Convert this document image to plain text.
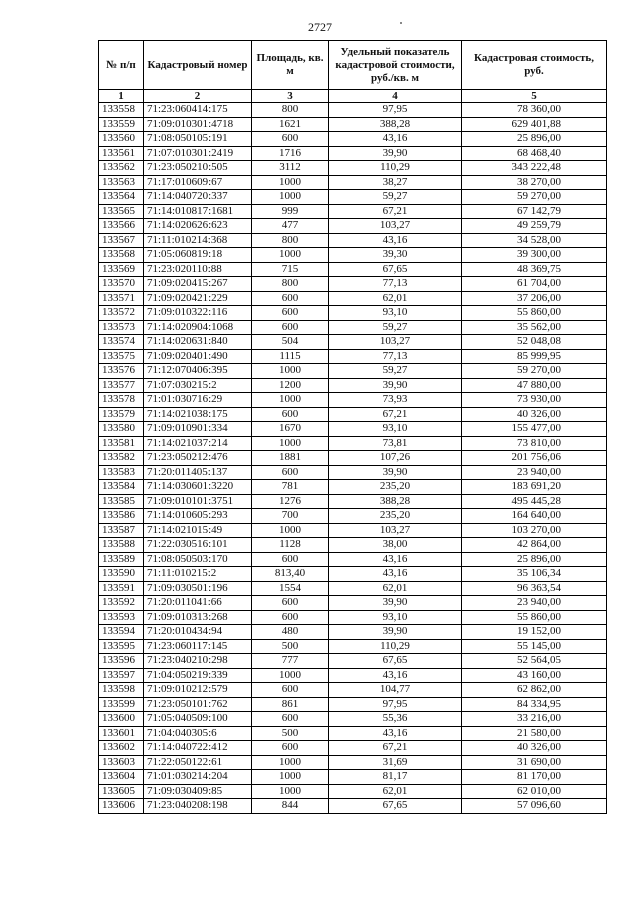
2727
№ п/п	Кадастровый номер	Площадь, кв. м	Удельный показатель кадастровой стоимости, руб./кв. м	Кадастровая стоимость, руб.
1	2	3	4	5
133558	71:23:060414:175	800	97,95	78 360,00
133559	71:09:010301:4718	1621	388,28	629 401,88
133560	71:08:050105:191	600	43,16	25 896,00
133561	71:07:010301:2419	1716	39,90	68 468,40
133562	71:23:050210:505	3112	110,29	343 222,48
133563	71:17:010609:67	1000	38,27	38 270,00
133564	71:14:040720:337	1000	59,27	59 270,00
133565	71:14:010817:1681	999	67,21	67 142,79
133566	71:14:020626:623	477	103,27	49 259,79
133567	71:11:010214:368	800	43,16	34 528,00
133568	71:05:060819:18	1000	39,30	39 300,00
133569	71:23:020110:88	715	67,65	48 369,75
133570	71:09:020415:267	800	77,13	61 704,00
133571	71:09:020421:229	600	62,01	37 206,00
133572	71:09:010322:116	600	93,10	55 860,00
133573	71:14:020904:1068	600	59,27	35 562,00
133574	71:14:020631:840	504	103,27	52 048,08
133575	71:09:020401:490	1115	77,13	85 999,95
133576	71:12:070406:395	1000	59,27	59 270,00
133577	71:07:030215:2	1200	39,90	47 880,00
133578	71:01:030716:29	1000	73,93	73 930,00
133579	71:14:021038:175	600	67,21	40 326,00
133580	71:09:010901:334	1670	93,10	155 477,00
133581	71:14:021037:214	1000	73,81	73 810,00
133582	71:23:050212:476	1881	107,26	201 756,06
133583	71:20:011405:137	600	39,90	23 940,00
133584	71:14:030601:3220	781	235,20	183 691,20
133585	71:09:010101:3751	1276	388,28	495 445,28
133586	71:14:010605:293	700	235,20	164 640,00
133587	71:14:021015:49	1000	103,27	103 270,00
133588	71:22:030516:101	1128	38,00	42 864,00
133589	71:08:050503:170	600	43,16	25 896,00
133590	71:11:010215:2	813,40	43,16	35 106,34
133591	71:09:030501:196	1554	62,01	96 363,54
133592	71:20:011041:66	600	39,90	23 940,00
133593	71:09:010313:268	600	93,10	55 860,00
133594	71:20:010434:94	480	39,90	19 152,00
133595	71:23:060117:145	500	110,29	55 145,00
133596	71:23:040210:298	777	67,65	52 564,05
133597	71:04:050219:339	1000	43,16	43 160,00
133598	71:09:010212:579	600	104,77	62 862,00
133599	71:23:050101:762	861	97,95	84 334,95
133600	71:05:040509:100	600	55,36	33 216,00
133601	71:04:040305:6	500	43,16	21 580,00
133602	71:14:040722:412	600	67,21	40 326,00
133603	71:22:050122:61	1000	31,69	31 690,00
133604	71:01:030214:204	1000	81,17	81 170,00
133605	71:09:030409:85	1000	62,01	62 010,00
133606	71:23:040208:198	844	67,65	57 096,60
